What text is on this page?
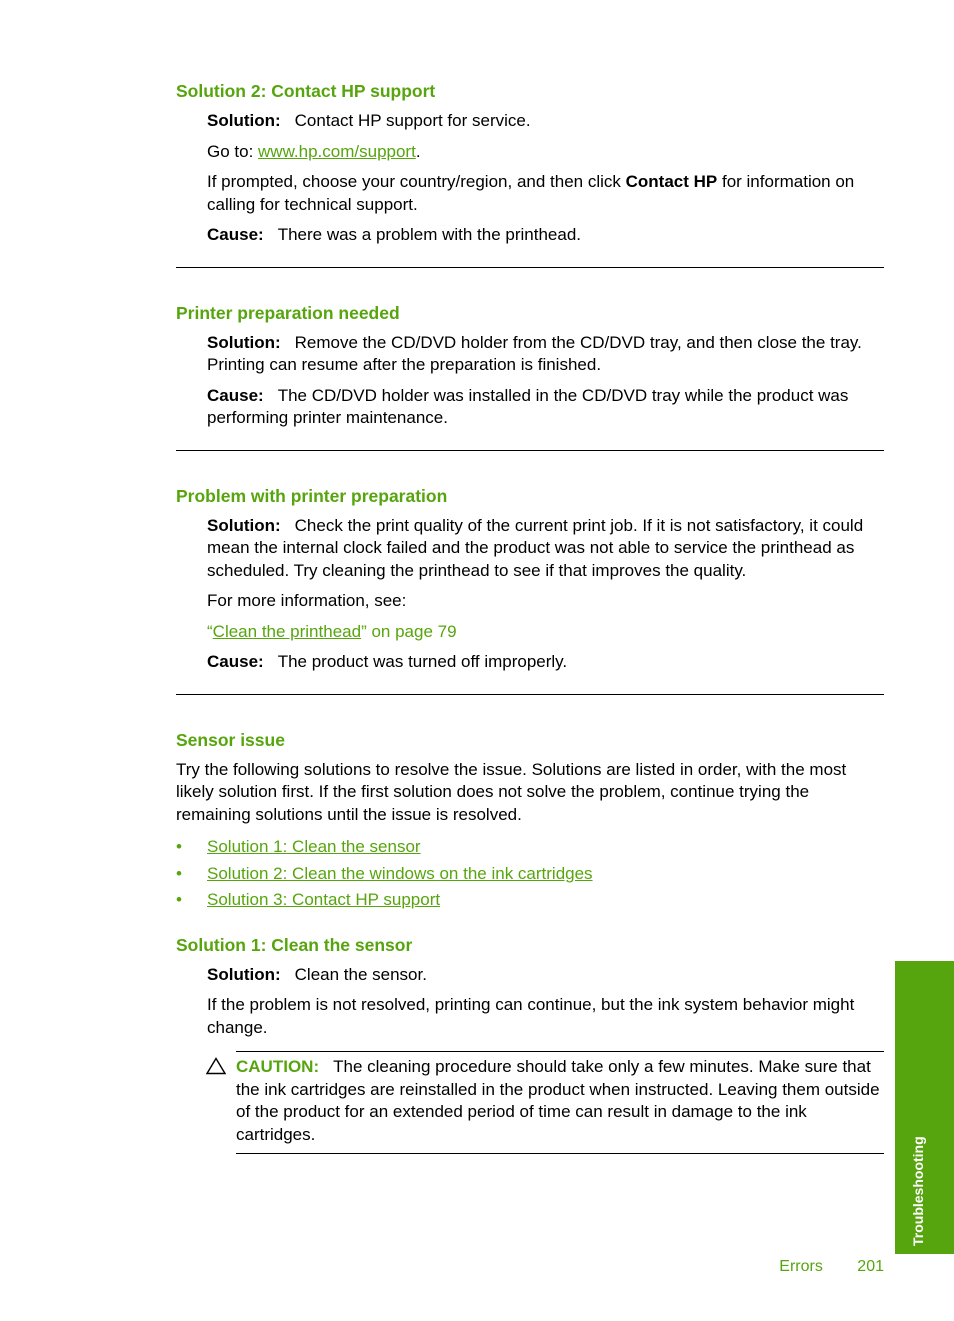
Solution 2: Contact HP support
Solution: Contact HP support for service.
Go to: www.hp.com/support.
If prompted, choose your country/region, and then click Contact HP for information on calling for technical support.
Cause: There was a problem with the printhead.
Printer preparation needed
Solution: Remove the CD/DVD holder from the CD/DVD tray, and then close the tray. Printing can resume after the preparation is finished.
Cause: The CD/DVD holder was installed in the CD/DVD tray while the product was performing printer maintenance.
Problem with printer preparation
Solution: Check the print quality of the current print job. If it is not satisfactory, it could mean the internal clock failed and the product was not able to service the printhead as scheduled. Try cleaning the printhead to see if that improves the quality.
For more information, see:
“Clean the printhead” on page 79
Cause: The product was turned off improperly.
Sensor issue
Try the following solutions to resolve the issue. Solutions are listed in order, with the most likely solution first. If the first solution does not solve the problem, continue trying the remaining solutions until the issue is resolved.
• Solution 1: Clean the sensor
• Solution 2: Clean the windows on the ink cartridges
• Solution 3: Contact HP support
Solution 1: Clean the sensor
Solution: Clean the sensor.
If the problem is not resolved, printing can continue, but the ink system behavior might change.
CAUTION: The cleaning procedure should take only a few minutes. Make sure that the ink cartridges are reinstalled in the product when instructed. Leaving them outside of the product for an extended period of time can result in damage to the ink cartridges.
Troubleshooting
Errors 201
